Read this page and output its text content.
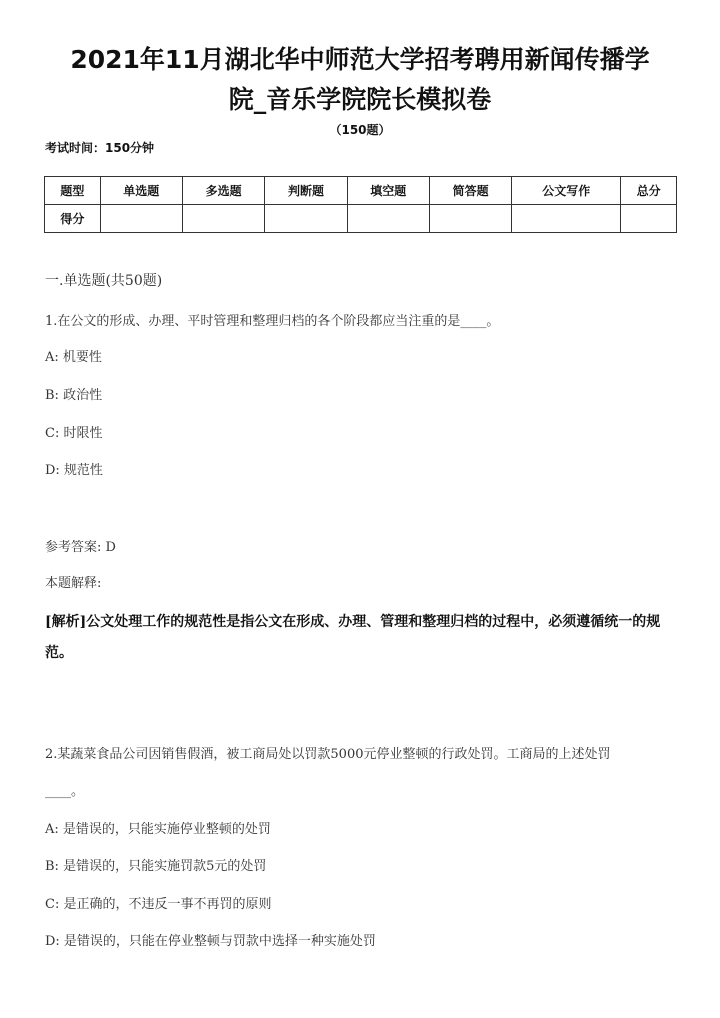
2021年11月湖北华中师范大学招考聘用新闻传播学
院_音乐学院院长模拟卷
（150题）
考试时间：150分钟
题型	单选题	多选题	判断题	填空题	简答题	公文写作	总分
得分							
一.单选题(共50题)
1.在公文的形成、办理、平时管理和整理归档的各个阶段都应当注重的是____。
A: 机要性
B: 政治性
C: 时限性
D: 规范性
参考答案: D
本题解释:
[解析]公文处理工作的规范性是指公文在形成、办理、管理和整理归档的过程中，必须遵循统一的规范。
2.某蔬菜食品公司因销售假酒，被工商局处以罚款5000元停业整顿的行政处罚。工商局的上述处罚
____。
A: 是错误的，只能实施停业整顿的处罚
B: 是错误的，只能实施罚款5元的处罚
C: 是正确的，不违反一事不再罚的原则
D: 是错误的，只能在停业整顿与罚款中选择一种实施处罚
